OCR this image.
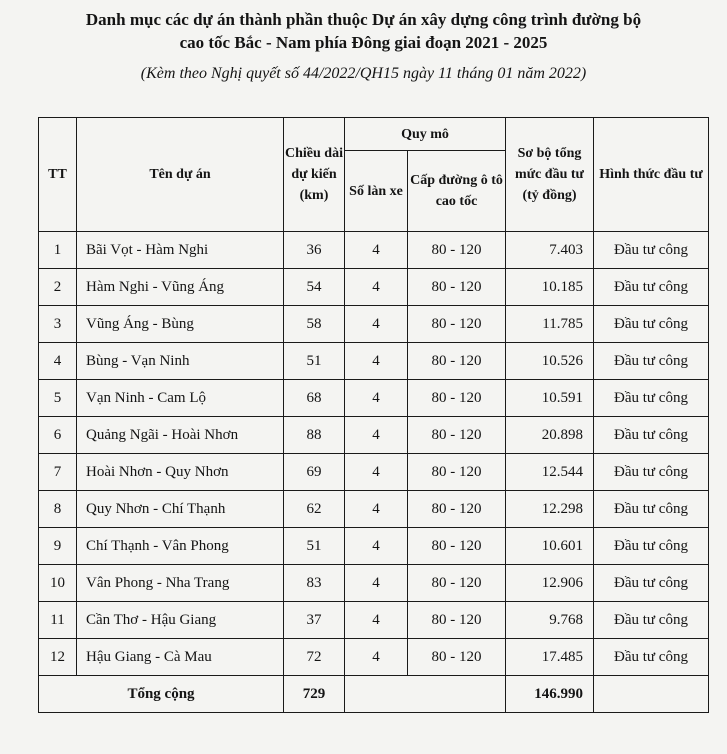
Danh mục các dự án thành phần thuộc Dự án xây dựng công trình đường bộ
cao tốc Bắc - Nam phía Đông giai đoạn 2021 - 2025
(Kèm theo Nghị quyết số 44/2022/QH15 ngày 11 tháng 01 năm 2022)
TT	Tên dự án	Chiều dài dự kiến (km)	Quy mô		Sơ bộ tổng mức đầu tư (tỷ đồng)	Hình thức đầu tư
			Số làn xe	Cấp đường ô tô cao tốc		
1	Bãi Vọt - Hàm Nghi	36	4	80 - 120	7.403	Đầu tư công
2	Hàm Nghi - Vũng Áng	54	4	80 - 120	10.185	Đầu tư công
3	Vũng Áng - Bùng	58	4	80 - 120	11.785	Đầu tư công
4	Bùng - Vạn Ninh	51	4	80 - 120	10.526	Đầu tư công
5	Vạn Ninh - Cam Lộ	68	4	80 - 120	10.591	Đầu tư công
6	Quảng Ngãi - Hoài Nhơn	88	4	80 - 120	20.898	Đầu tư công
7	Hoài Nhơn - Quy Nhơn	69	4	80 - 120	12.544	Đầu tư công
8	Quy Nhơn - Chí Thạnh	62	4	80 - 120	12.298	Đầu tư công
9	Chí Thạnh - Vân Phong	51	4	80 - 120	10.601	Đầu tư công
10	Vân Phong - Nha Trang	83	4	80 - 120	12.906	Đầu tư công
11	Cần Thơ - Hậu Giang	37	4	80 - 120	9.768	Đầu tư công
12	Hậu Giang - Cà Mau	72	4	80 - 120	17.485	Đầu tư công
Tổng cộng		729			146.990	
